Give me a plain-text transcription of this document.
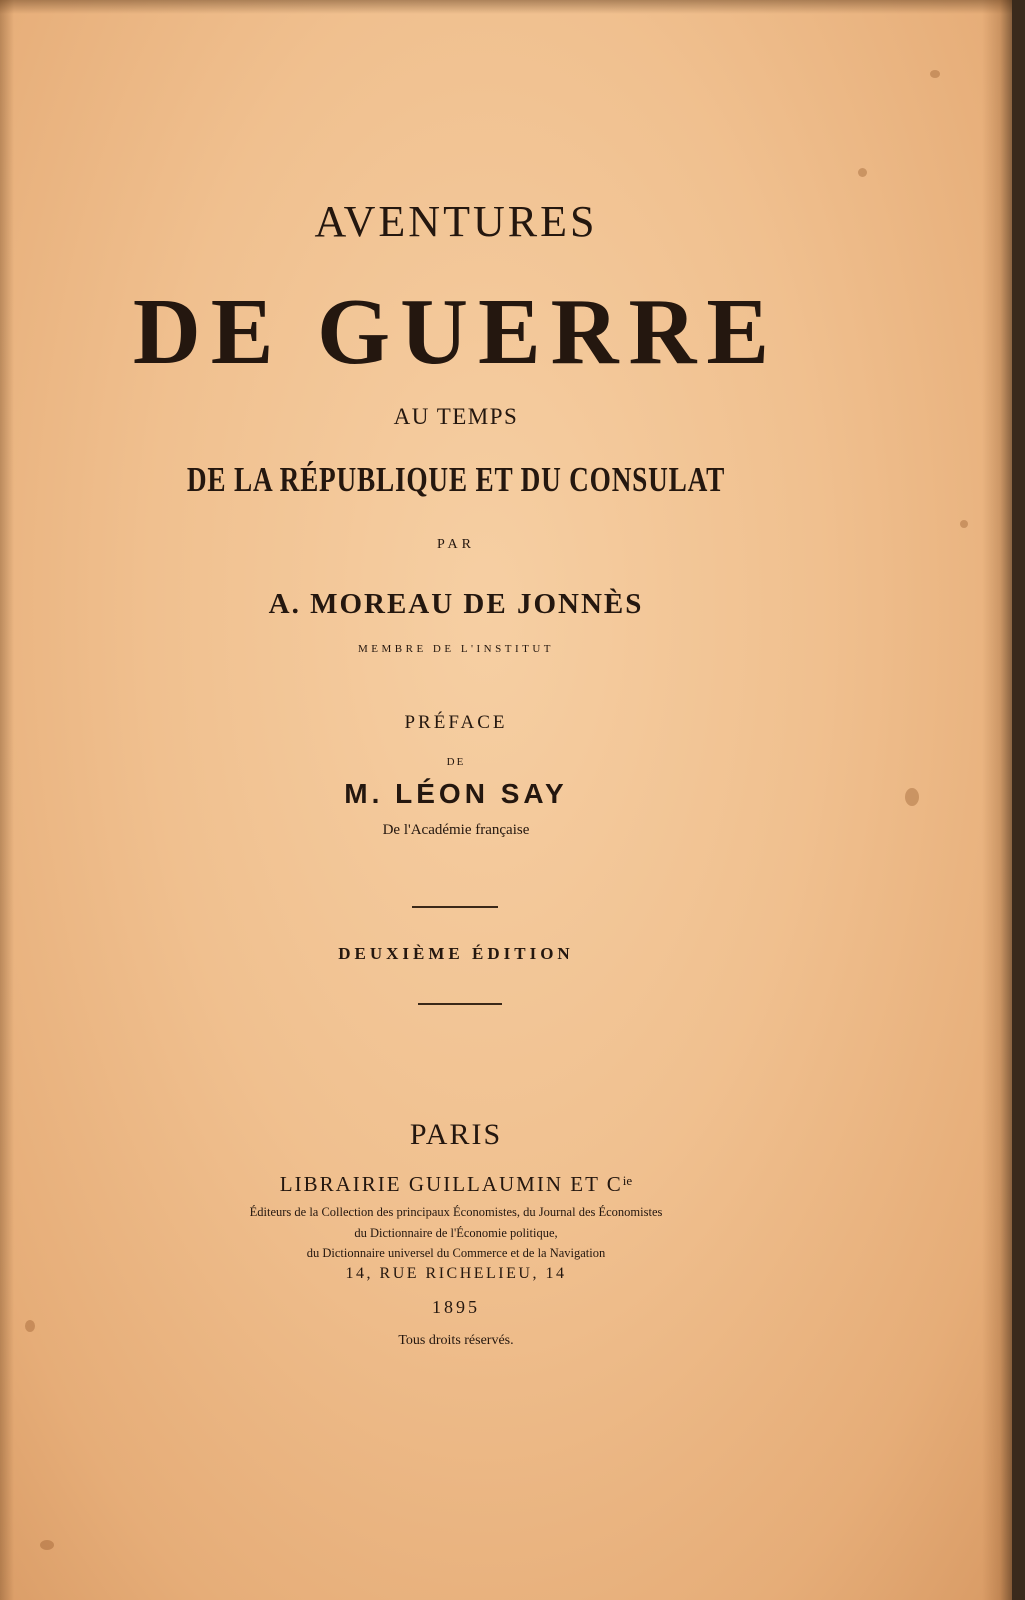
AVENTURES

DE GUERRE

AU TEMPS

DE LA RÉPUBLIQUE ET DU CONSULAT

PAR

A. MOREAU DE JONNÈS

MEMBRE DE L'INSTITUT

PRÉFACE

DE

M. LÉON SAY

De l'Académie française

DEUXIÈME ÉDITION

PARIS

LIBRAIRIE GUILLAUMIN ET $C^{ie}$

Éditeurs de la Collection des principaux Économistes, du Journal des Économistes

du Dictionnaire de l'Économie politique,

du Dictionnaire universel du Commerce et de la Navigation

14, RUE RICHELIEU, 14

1895

Tous droits réservés.
